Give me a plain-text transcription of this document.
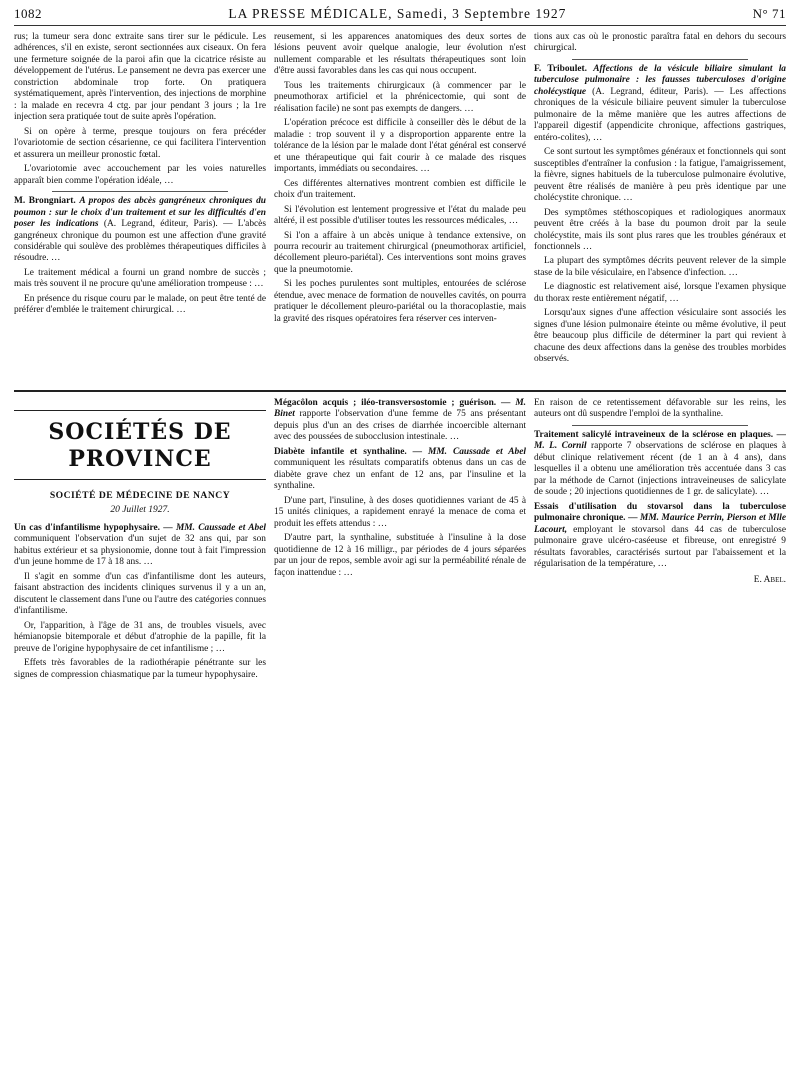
1082	LA PRESSE MÉDICALE, Samedi, 3 Septembre 1927	N° 71

rus; la tumeur sera donc extraite sans tirer sur le pédicule. Les adhérences, s'il en existe, seront sectionnées aux ciseaux. On fera une fermeture soignée de la paroi afin que la cicatrice résiste au développement de l'utérus. Le pansement ne devra pas exercer une constriction abdominale trop forte. On pratiquera systématiquement, après l'intervention, des injections de morphine : la malade en recevra 4 ctg. par jour pendant 3 jours ; la 1re injection sera pratiquée tout de suite après l'opération.

Si on opère à terme, presque toujours on fera précéder l'ovariotomie de section césarienne, ce qui facilitera l'intervention et assurera un meilleur pronostic fœtal.

L'ovariotomie avec accouchement par les voies naturelles apparaît bien comme l'opération idéale, …

M. Brongniart. A propos des abcès gangréneux chroniques du poumon : sur le choix d'un traitement et sur les difficultés d'en poser les indications (A. Legrand, éditeur, Paris). — L'abcès gangréneux chronique du poumon est une affection d'une gravité considérable qui soulève des problèmes thérapeutiques difficiles à résoudre. …

Le traitement médical a fourni un grand nombre de succès ; mais très souvent il ne procure qu'une amélioration trompeuse : …

En présence du risque couru par le malade, on peut être tenté de préférer d'emblée le traitement chirurgical. …

reusement, si les apparences anatomiques des deux sortes de lésions peuvent avoir quelque analogie, leur évolution n'est nullement comparable et les résultats thérapeutiques sont loin d'être aussi favorables dans les cas qui nous occupent.

Tous les traitements chirurgicaux (à commencer par le pneumothorax artificiel et la phrénicectomie, qui sont de réalisation facile) ne sont pas exempts de dangers. …

L'opération précoce est difficile à conseiller dès le début de la maladie : trop souvent il y a disproportion apparente entre la tolérance de la lésion par le malade dont l'état général est conservé et une thérapeutique qui fait courir à ce malade des risques importants, immédiats ou secondaires. …

Ces différentes alternatives montrent combien est difficile le choix d'un traitement.

Si l'évolution est lentement progressive et l'état du malade peu altéré, il est possible d'utiliser toutes les ressources médicales, …

Si l'on a affaire à un abcès unique à tendance extensive, on pourra recourir au traitement chirurgical (pneumothorax artificiel, décollement pleuro-pariétal). Ces interventions sont moins graves que la pneumotomie.

Si les poches purulentes sont multiples, entourées de sclérose étendue, avec menace de formation de nouvelles cavités, on pourra pratiquer le décollement pleuro-pariétal ou la thoracoplastie, mais la gravité des risques opératoires fera réserver ces interven-

tions aux cas où le pronostic paraîtra fatal en dehors du secours chirurgical.

F. Triboulet. Affections de la vésicule biliaire simulant la tuberculose pulmonaire : les fausses tuberculoses d'origine cholécystique (A. Legrand, éditeur, Paris). — Les affections chroniques de la vésicule biliaire peuvent simuler la tuberculose pulmonaire de la même manière que les autres affections de l'appareil digestif (appendicite chronique, affections gastriques, entéro-colites), …

Ce sont surtout les symptômes généraux et fonctionnels qui sont susceptibles d'entraîner la confusion : la fatigue, l'amaigrissement, la fièvre, signes habituels de la tuberculose pulmonaire évolutive, peuvent être réalisés de manière à peu près identique par une cholécystite chronique. …

Des symptômes stéthoscopiques et radiologiques anormaux peuvent être créés à la base du poumon droit par la seule cholécystite, mais ils sont plus rares que les troubles généraux et fonctionnels …

La plupart des symptômes décrits peuvent relever de la simple stase de la bile vésiculaire, en l'absence d'infection. …

Le diagnostic est relativement aisé, lorsque l'examen physique du thorax reste entièrement négatif, …

Lorsqu'aux signes d'une affection vésiculaire sont associés les signes d'une lésion pulmonaire éteinte ou même évolutive, il peut être beaucoup plus difficile de déterminer la part qui revient à chacune des deux affections dans la genèse des troubles morbides observés.

SOCIÉTÉS DE PROVINCE
SOCIÉTÉ DE MÉDECINE DE NANCY
20 Juillet 1927.

Un cas d'infantilisme hypophysaire. — MM. Caussade et Abel communiquent l'observation d'un sujet de 32 ans qui, par son habitus extérieur et sa physionomie, donne tout à fait l'impression d'un jeune homme de 17 à 18 ans. …

Il s'agit en somme d'un cas d'infantilisme dont les auteurs, faisant abstraction des incidents cliniques survenus il y a un an, discutent le classement dans l'une ou l'autre des catégories connues d'infantilisme.

Or, l'apparition, à l'âge de 31 ans, de troubles visuels, avec hémianopsie bitemporale et début d'atrophie de la papille, fit la preuve de l'origine hypophysaire de cet infantilisme ; …

Effets très favorables de la radiothérapie pénétrante sur les signes de compression chiasmatique par la tumeur hypophysaire.

Mégacôlon acquis ; iléo-transversostomie ; guérison. — M. Binet rapporte l'observation d'une femme de 75 ans présentant depuis plus d'un an des crises de diarrhée incoercible alternant avec des poussées de subocclusion intestinale. …

Diabète infantile et synthaline. — MM. Caussade et Abel communiquent les résultats comparatifs obtenus dans un cas de diabète grave chez un enfant de 12 ans, par l'insuline et la synthaline.

D'une part, l'insuline, à des doses quotidiennes variant de 45 à 15 unités cliniques, a rapidement enrayé la menace de coma et produit les effets attendus : …

D'autre part, la synthaline, substituée à l'insuline à la dose quotidienne de 12 à 16 milligr., par périodes de 4 jours séparées par un jour de repos, semble avoir agi sur la perméabilité rénale de façon inattendue : …

En raison de ce retentissement défavorable sur les reins, les auteurs ont dû suspendre l'emploi de la synthaline.

Traitement salicylé intraveineux de la sclérose en plaques. — M. L. Cornil rapporte 7 observations de sclérose en plaques à début clinique relativement récent (de 1 an à 4 ans), dans lesquelles il a obtenu une amélioration très accentuée dans 3 cas par la méthode de Carnot (injections intraveineuses de salicylate de soude ; 20 injections quotidiennes de 1 gr. de salicylate). …

Essais d'utilisation du stovarsol dans la tuberculose pulmonaire chronique. — MM. Maurice Perrin, Pierson et Mlle Lacourt, employant le stovarsol dans 44 cas de tuberculose pulmonaire grave ulcéro-caséeuse et fibreuse, ont enregistré 9 résultats favorables, caractérisés surtout par l'abaissement et la régularisation de la température, …

E. Abel.
